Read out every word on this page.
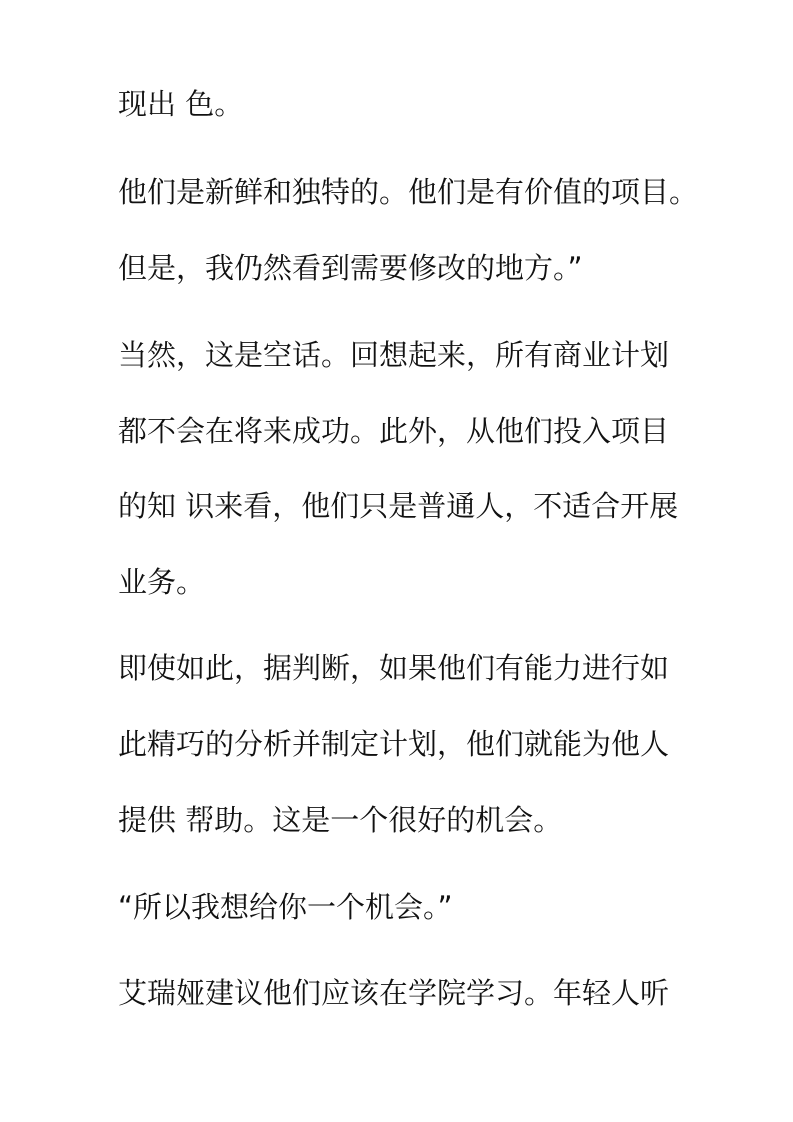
现出 色。

他们是新鲜和独特的。他们是有价值的项目。

但是，我仍然看到需要修改的地方。”

当然，这是空话。回想起来，所有商业计划

都不会在将来成功。此外，从他们投入项目

的知 识来看，他们只是普通人，不适合开展

业务。

即使如此，据判断，如果他们有能力进行如

此精巧的分析并制定计划，他们就能为他人

提供 帮助。这是一个很好的机会。

“所以我想给你一个机会。”

艾瑞娅建议他们应该在学院学习。年轻人听
